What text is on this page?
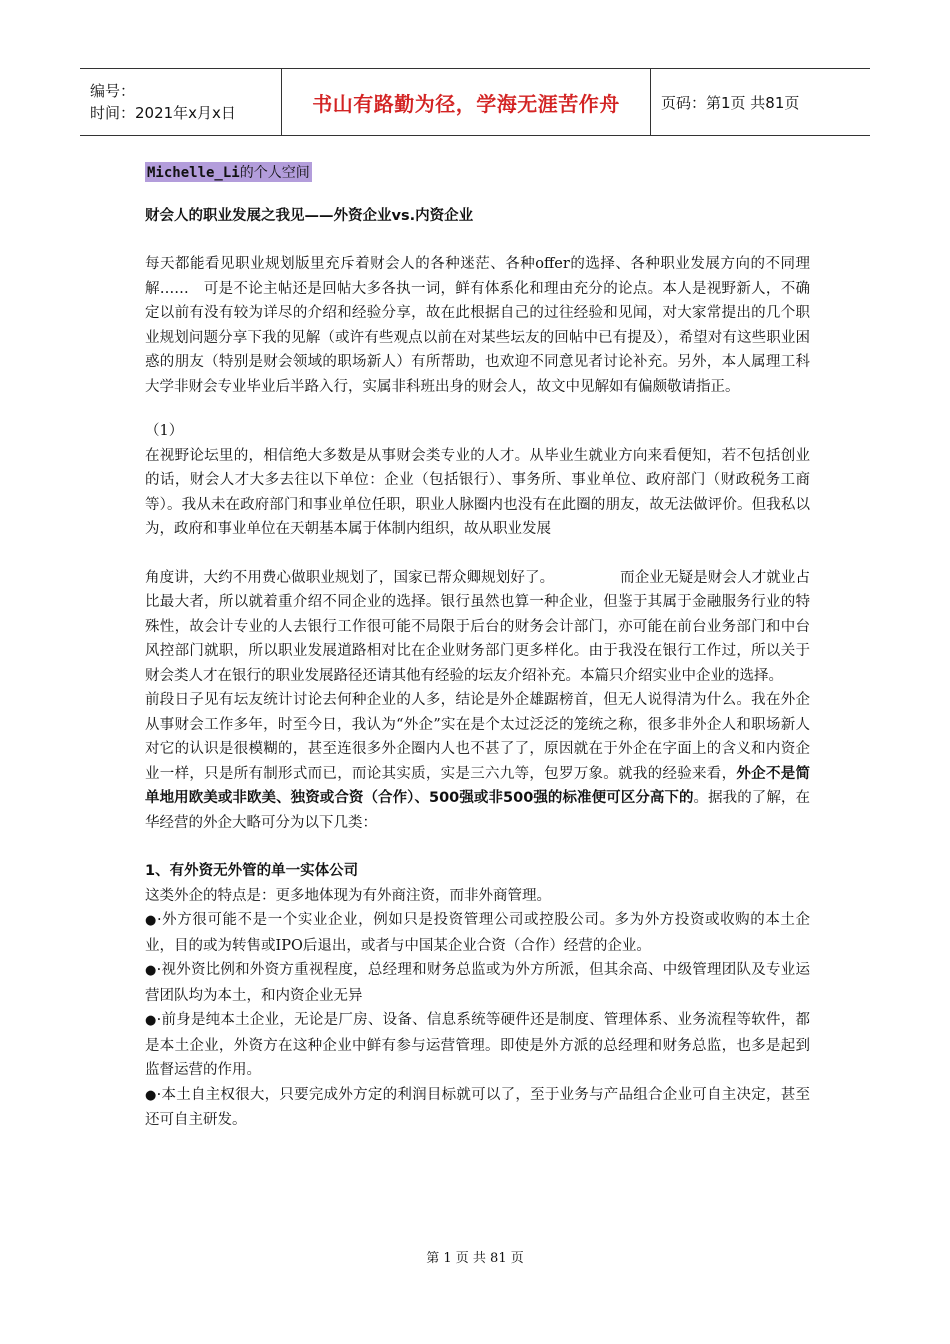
编号：
时间：2021年x月x日	书山有路勤为径，学海无涯苦作舟	页码：第1页 共81页
Michelle_Li的个人空间
财会人的职业发展之我见——外资企业vs.内资企业

每天都能看见职业规划版里充斥着财会人的各种迷茫、各种offer的选择、各种职业发展方向的不同理解……　可是不论主帖还是回帖大多各执一词，鲜有体系化和理由充分的论点。本人是视野新人，不确定以前有没有较为详尽的介绍和经验分享，故在此根据自己的过往经验和见闻，对大家常提出的几个职业规划问题分享下我的见解（或许有些观点以前在对某些坛友的回帖中已有提及），希望对有这些职业困惑的朋友（特别是财会领域的职场新人）有所帮助，也欢迎不同意见者讨论补充。另外，本人属理工科大学非财会专业毕业后半路入行，实属非科班出身的财会人，故文中见解如有偏颇敬请指正。

（1）

在视野论坛里的，相信绝大多数是从事财会类专业的人才。从毕业生就业方向来看便知，若不包括创业的话，财会人才大多去往以下单位：企业（包括银行）、事务所、事业单位、政府部门（财政税务工商等）。我从未在政府部门和事业单位任职，职业人脉圈内也没有在此圈的朋友，故无法做评价。但我私以为，政府和事业单位在天朝基本属于体制内组织，故从职业发展

角度讲，大约不用费心做职业规划了，国家已帮众卿规划好了。　　　　　而企业无疑是财会人才就业占比最大者，所以就着重介绍不同企业的选择。银行虽然也算一种企业，但鉴于其属于金融服务行业的特殊性，故会计专业的人去银行工作很可能不局限于后台的财务会计部门，亦可能在前台业务部门和中台风控部门就职，所以职业发展道路相对比在企业财务部门更多样化。由于我没在银行工作过，所以关于财会类人才在银行的职业发展路径还请其他有经验的坛友介绍补充。本篇只介绍实业中企业的选择。

前段日子见有坛友统计讨论去何种企业的人多，结论是外企雄踞榜首，但无人说得清为什么。我在外企从事财会工作多年，时至今日，我认为“外企”实在是个太过泛泛的笼统之称，很多非外企人和职场新人对它的认识是很模糊的，甚至连很多外企圈内人也不甚了了，原因就在于外企在字面上的含义和内资企业一样，只是所有制形式而已，而论其实质，实是三六九等，包罗万象。就我的经验来看，外企不是简单地用欧美或非欧美、独资或合资（合作）、500强或非500强的标准便可区分高下的。据我的了解，在华经营的外企大略可分为以下几类：

1、有外资无外管的单一实体公司

这类外企的特点是：更多地体现为有外商注资，而非外商管理。

●·外方很可能不是一个实业企业，例如只是投资管理公司或控股公司。多为外方投资或收购的本土企业，目的或为转售或IPO后退出，或者与中国某企业合资（合作）经营的企业。

●·视外资比例和外资方重视程度，总经理和财务总监或为外方所派，但其余高、中级管理团队及专业运营团队均为本土，和内资企业无异

●·前身是纯本土企业，无论是厂房、设备、信息系统等硬件还是制度、管理体系、业务流程等软件，都是本土企业，外资方在这种企业中鲜有参与运营管理。即使是外方派的总经理和财务总监，也多是起到监督运营的作用。

●·本土自主权很大，只要完成外方定的利润目标就可以了，至于业务与产品组合企业可自主决定，甚至还可自主研发。

第 1 页 共 81 页
